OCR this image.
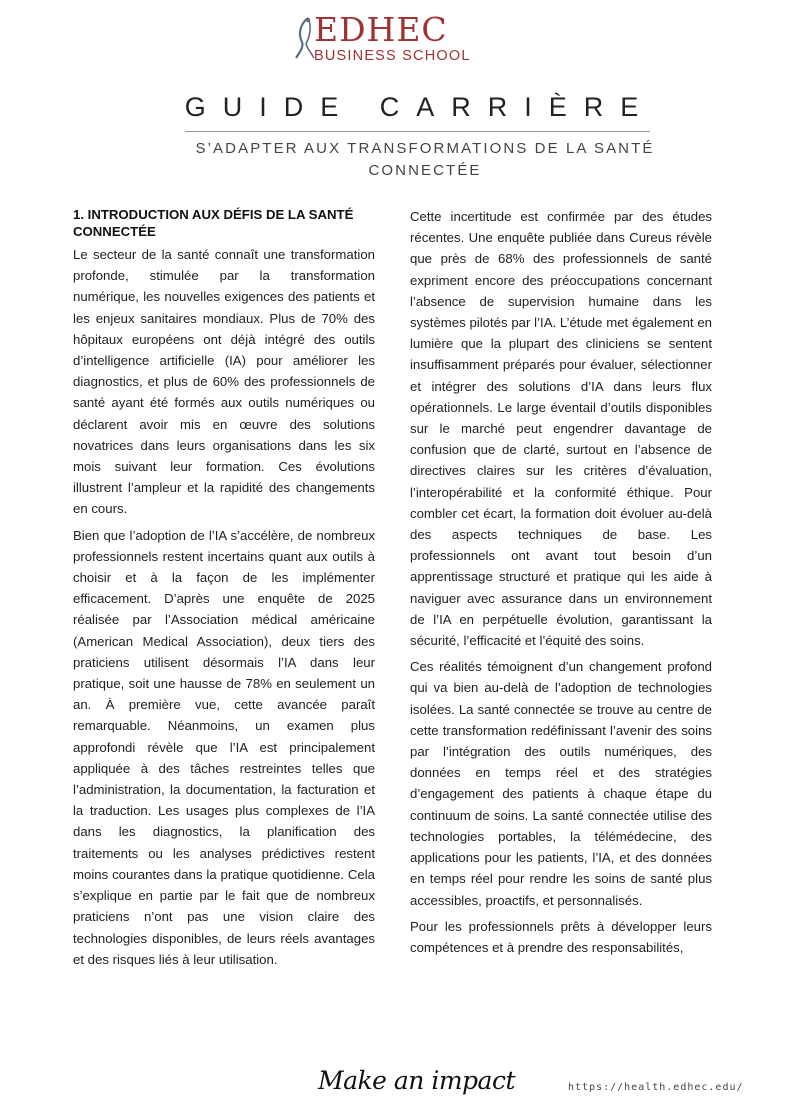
EDHEC
BUSINESS SCHOOL
GUIDE CARRIÈRE
S’ADAPTER AUX TRANSFORMATIONS DE LA SANTÉ CONNECTÉE
1. INTRODUCTION AUX DÉFIS DE LA SANTÉ CONNECTÉE

Le secteur de la santé connaît une transformation profonde, stimulée par la transformation numérique, les nouvelles exigences des patients et les enjeux sanitaires mondiaux. Plus de 70% des hôpitaux européens ont déjà intégré des outils d’intelligence artificielle (IA) pour améliorer les diagnostics, et plus de 60% des professionnels de santé ayant été formés aux outils numériques ou déclarent avoir mis en œuvre des solutions novatrices dans leurs organisations dans les six mois suivant leur formation. Ces évolutions illustrent l’ampleur et la rapidité des changements en cours.

Bien que l’adoption de l’IA s’accélère, de nombreux professionnels restent incertains quant aux outils à choisir et à la façon de les implémenter efficacement. D’après une enquête de 2025 réalisée par l’Association médical américaine (American Medical Association), deux tiers des praticiens utilisent désormais l’IA dans leur pratique, soit une hausse de 78% en seulement un an. À première vue, cette avancée paraît remarquable. Néanmoins, un examen plus approfondi révèle que l’IA est principalement appliquée à des tâches restreintes telles que l’administration, la documentation, la facturation et la traduction. Les usages plus complexes de l’IA dans les diagnostics, la planification des traitements ou les analyses prédictives restent moins courantes dans la pratique quotidienne. Cela s’explique en partie par le fait que de nombreux praticiens n’ont pas une vision claire des technologies disponibles, de leurs réels avantages et des risques liés à leur utilisation.

Cette incertitude est confirmée par des études récentes. Une enquête publiée dans Cureus révèle que près de 68% des professionnels de santé expriment encore des préoccupations concernant l’absence de supervision humaine dans les systèmes pilotés par l’IA. L’étude met également en lumière que la plupart des cliniciens se sentent insuffisamment préparés pour évaluer, sélectionner et intégrer des solutions d’IA dans leurs flux opérationnels. Le large éventail d’outils disponibles sur le marché peut engendrer davantage de confusion que de clarté, surtout en l’absence de directives claires sur les critères d’évaluation, l’interopérabilité et la conformité éthique. Pour combler cet écart, la formation doit évoluer au-delà des aspects techniques de base. Les professionnels ont avant tout besoin d’un apprentissage structuré et pratique qui les aide à naviguer avec assurance dans un environnement de l’IA en perpétuelle évolution, garantissant la sécurité, l’efficacité et l’équité des soins.

Ces réalités témoignent d’un changement profond qui va bien au-delà de l’adoption de technologies isolées. La santé connectée se trouve au centre de cette transformation redéfinissant l’avenir des soins par l’intégration des outils numériques, des données en temps réel et des stratégies d’engagement des patients à chaque étape du continuum de soins. La santé connectée utilise des technologies portables, la télémédecine, des applications pour les patients, l’IA, et des données en temps réel pour rendre les soins de santé plus accessibles, proactifs, et personnalisés.

Pour les professionnels prêts à développer leurs compétences et à prendre des responsabilités,

Make an impact	https://health.edhec.edu/
